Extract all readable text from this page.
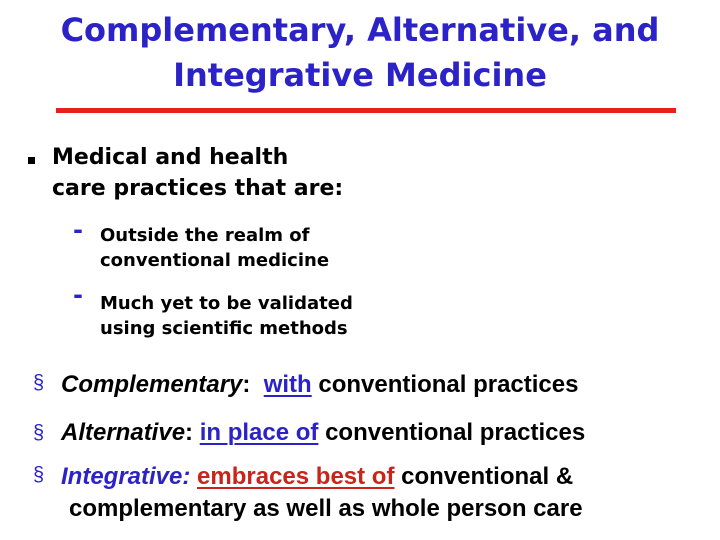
Complementary, Alternative, and
Integrative Medicine
Medical and health
care practices that are:
- Outside the realm of
conventional medicine
- Much yet to be validated
using scientific methods
§ Complementary:  with conventional practices
§ Alternative: in place of conventional practices
§ Integrative: embraces best of conventional &
complementary as well as whole person care
